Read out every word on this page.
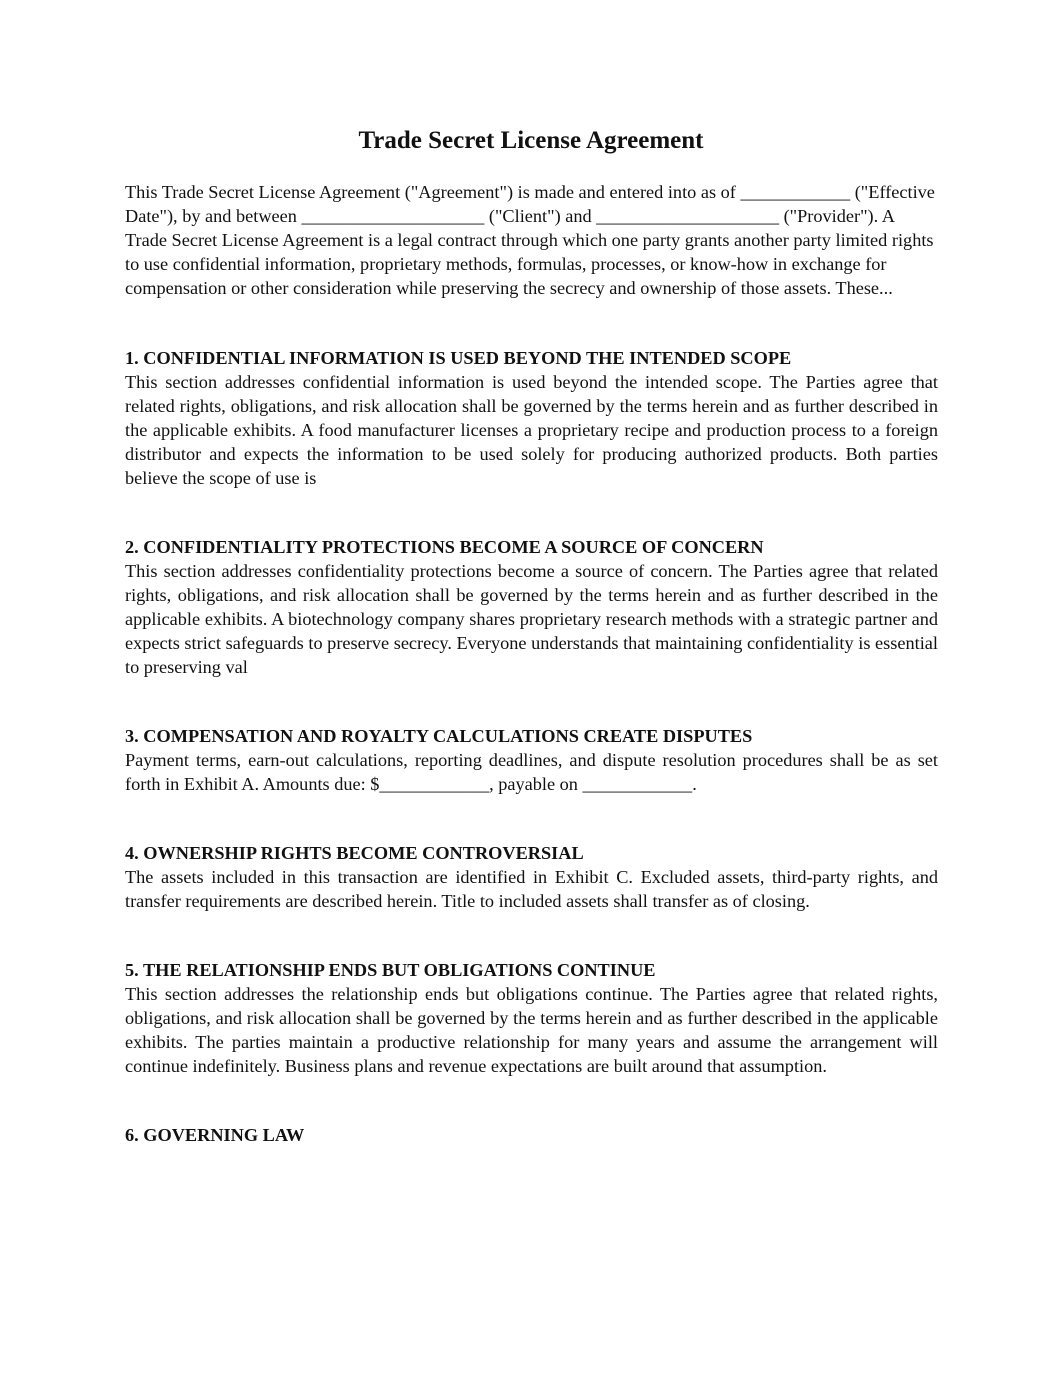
Trade Secret License Agreement

This Trade Secret License Agreement ("Agreement") is made and entered into as of ____________ ("Effective Date"), by and between ____________________ ("Client") and ____________________ ("Provider"). A Trade Secret License Agreement is a legal contract through which one party grants another party limited rights to use confidential information, proprietary methods, formulas, processes, or know-how in exchange for compensation or other consideration while preserving the secrecy and ownership of those assets. These...

1. CONFIDENTIAL INFORMATION IS USED BEYOND THE INTENDED SCOPE

This section addresses confidential information is used beyond the intended scope. The Parties agree that related rights, obligations, and risk allocation shall be governed by the terms herein and as further described in the applicable exhibits. A food manufacturer licenses a proprietary recipe and production process to a foreign distributor and expects the information to be used solely for producing authorized products. Both parties believe the scope of use is

2. CONFIDENTIALITY PROTECTIONS BECOME A SOURCE OF CONCERN

This section addresses confidentiality protections become a source of concern. The Parties agree that related rights, obligations, and risk allocation shall be governed by the terms herein and as further described in the applicable exhibits. A biotechnology company shares proprietary research methods with a strategic partner and expects strict safeguards to preserve secrecy. Everyone understands that maintaining confidentiality is essential to preserving val

3. COMPENSATION AND ROYALTY CALCULATIONS CREATE DISPUTES

Payment terms, earn-out calculations, reporting deadlines, and dispute resolution procedures shall be as set forth in Exhibit A. Amounts due: $____________, payable on ____________.

4. OWNERSHIP RIGHTS BECOME CONTROVERSIAL

The assets included in this transaction are identified in Exhibit C. Excluded assets, third-party rights, and transfer requirements are described herein. Title to included assets shall transfer as of closing.

5. THE RELATIONSHIP ENDS BUT OBLIGATIONS CONTINUE

This section addresses the relationship ends but obligations continue. The Parties agree that related rights, obligations, and risk allocation shall be governed by the terms herein and as further described in the applicable exhibits. The parties maintain a productive relationship for many years and assume the arrangement will continue indefinitely. Business plans and revenue expectations are built around that assumption.

6. GOVERNING LAW
